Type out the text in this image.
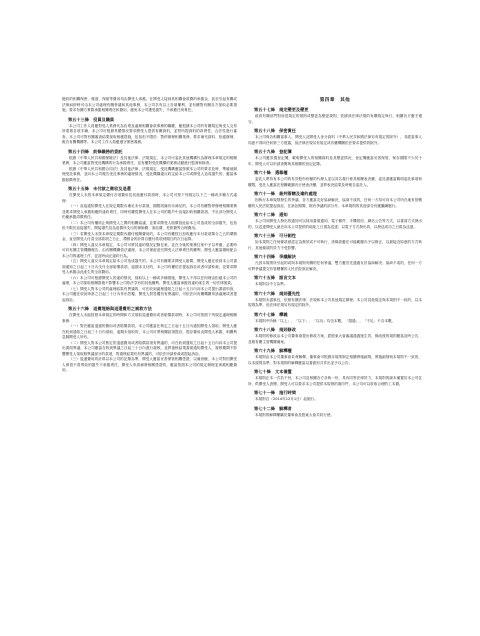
罷約的相關保密、報道、保留等費用均由開受人承擔。在開受人接到其相關會款費的承擔金，甚至引起有關或法律糾紛時可由本公司處理有關爭議和其他事務，本公司享有以上各項權利，並有權對有關各方採取必要措施，要求有關方實際承擔相關責任和費用，避免本公司遭受損失，不承擔任何責任。

第五十三條　役員及職員

本公司工作人員應對受人業務代為負責及處理相關會款事務的職權，應根據本公司的有關規定與受人交易所需做各項手續，本公司可根據具體情況要求開受人提供有關資料，並對所提資料的真實性、合法性進行審查，本公司可對有關審查結果採取相應措施，包括但不限於：暫停辦理相關業務、要求補充資料、拒絕辦理、報告有關機關等。本公司工作人員應遵守保密義務。

第五十四條　前條職務的委託

根據《中華人民共和國保險法》及其他法律、法規規定，本公司可委託其他機構代為辦理本章規定的相關業務，本公司應當對受託機構的行為承擔責任，並有權對受託機構的業務活動進行監督和檢查。

根據《中華人民共和國合同法》及其他法律、法規規定，受託機構應當按照本公司的要求及時、準確地辦理受託事務，並向本公司報告受託事務的處理情況，受託機構違反約定給本公司或開受人造成損失的，應當承擔賠償責任。

第五十五條　未付款之徵收及退還

在開受人未按本章規定繳付各項費用及其他應付款項時，本公司可按下列規定以下之一種或多種方式處理：

（一）直接通知開受人在規定期限內補足未付款項，期限屆滿仍未補足的，本公司有權暫停辦理相關業務並要求開受人承擔相應的違約責任，同時有權從開受人在本公司的賬戶中直接扣收相關款項，不足部分開受人仍應承擔清償責任。

（二）本公司有權終止與開受人之間的相關協議，並要求開受人賠償因此給本公司造成的全部損失，包括但不限於直接損失、間接損失及為追償所支出的律師費、訴訟費、差旅費等合理費用。

（三）若開受人未按本章規定期限內繳付相關費用的，本公司有權按日加收應付未付款項萬分之五的滯納金，直至開受人付清全部款項之日止，滯納金的計算自應付款項到期日的次日起算。

（四）開受人違反本章規定，本公司可將其違約情況記錄在案，並在今後的業務往來中予以考慮，必要時可向有關主管機關報告，由有關機關依法處理，本公司保留追究開受人法律責任的權利，開受人應當積極配合本公司的處理工作，並及時糾正違約行為。

（五）開受人違反本章規定給本公司造成損失的，本公司有權要求開受人賠償，開受人應在收到本公司書面通知之日起三十日內支付全部賠償款項，逾期未支付的，本公司有權依法提起訴訟或者申請仲裁，並要求開受人承擔由此產生的全部費用。

（六）本公司可根據開受人的違約情況，採取以上一種或多種措施，開受人不得以任何理由拒絕本公司的處理，本公司採取相關措施不影響本公司依法享有的其他權利，開受人應當承擔因違約產生的一切法律後果。

（七）開受人對本公司的處理結果有異議的，可在收到處理通知之日起十五日內向本公司提出書面申訴，本公司應在收到申訴之日起三十日內作出答覆，開受人對答覆仍有異議的，可依法向有關機關申請處理或者提起訴訟。

第五十六條　退費理賠與退還費用之補救方法

在開受人未能按照本章規定的時間和方式領取退還費用或者賠償款項時，本公司可按照下列規定處理相關事務：

（一）對於應當退還的費用或者賠償款項，本公司應當在核定之日起十五日內通知開受人領取，開受人應在收到通知之日起三十日內領取，逾期未領取的，本公司可將相關款項提存，提存費用由開受人承擔，相關利息歸開受人所有。

（二）開受人對本公司核定的退還費用或者賠償款項有異議的，可在收到通知之日起十五日內向本公司提出書面異議，本公司應當在收到異議之日起三十日內進行複核，並將複核結果書面通知開受人，複核期間不影響開受人領取無異議部分的款項，對複核結果仍有異議的，可依法申請仲裁或提起訴訟。

（三）退還費用的計算以本公司的記錄為準，開受人應當妥善保管相關憑證，以備查驗，本公司對因開受人保管不善導致的損失不承擔責任，開受人申請補發相關憑證的，應當按照本公司的規定辦理並承擔相應費用。

第四章　其他
第五十七條　規定變更及變更

政府有關部門對前述規定的規則或變更為變更規則，依據該法律法規的有關規定執行，相關各方應予遵守。

第五十八條　保密責任

本公司與各相關當事人、開受人及開受人身分資料（中華人民共和國法律另有規定的除外），非經當事人同意不得向任何第三方披露，但法律法規另有規定或有權機關依法要求提供的除外。

第五十九條　登記簿

本公司應設置登記簿，載明開受人的相關資料及其變更情況，登記簿應當妥善保管，保存期限不少於十年，開受人可以申請查閱與其相關的登記記錄。

第六十條　選舉權

委託人將持有本公司的有效股份份額的代理人並以其名義行使其相關表決權，委託書應當載明委託事項和權限，受託人應當在授權範圍內行使表決權，並將表決結果及時報告委託人。

第六十一條　裁判管轄及違約處理

因執行本章規則發生的爭議，各方應當友好協商解決，協商不成的，任何一方均可向本公司所在地有管轄權的人民法院提起訴訟，在訴訟期間，除有爭議的部分外，本章規則的其他部分仍應繼續履行。

第六十二條　通知

本公司向開受人發出的通知可以採用書面通知、電子郵件、手機短信、網站公告等方式，以書面方式發出的，以送達開受人最近向本公司提供的地址之日視為送達；以電子方式發出的，以發送成功之日視為送達。

第六十三條　可分割性

如本規則之任何條款被認定為無效或不可執行，該條款應在可能範圍內予以修正，以最接近原意的方式執行，其他條款的效力不受影響。

第六十四條　爭議解決

凡因本規則所引起的或與本規則有關的任何爭議，雙方應首先通過友好協商解決；協商不成的，任何一方可將爭議提交有管轄權的人民法院訴訟解決。

第六十五條　語言文本

本規則以中文為準。

第六十六條　規則優先性

本規則未盡事宜，依照有關法律、法規和本公司其他規定辦理；本公司其他規定與本規則不一致的，以本規則為準，但法律法規另有規定的除外。

第六十七條　釋義

本規則中所稱「以上」、「以下」、「以內」均含本數，「超過」、「不足」不含本數。

第六十八條　規則修改

本規則的修改由本公司董事會提出修改方案，經股東大會審議通過後生效，修改後的規則應當及時公告，並報有關主管機關備案。

第六十九條　解釋權

本規則由本公司董事會負責解釋，董事會可根據本規則制定相關實施細則，實施細則與本規則不一致的，以本規則為準，對本規則的解釋應當以書面形式作出並予以公告。

第七十條　文本備置

本規則正本一式若干份，本公司及相關各方各執一份，具有同等法律效力，本規則的副本備置於本公司住所，供開受人查閱，開受人可以要求本公司提供本規則的複印件，本公司可以收取合理的工本費。

第七十一條　施行時間

本規則自（2014年12月1日）起施行。

第七十二條　解釋者

本規則的解釋權屬於董事會及股東大會共同行使。
